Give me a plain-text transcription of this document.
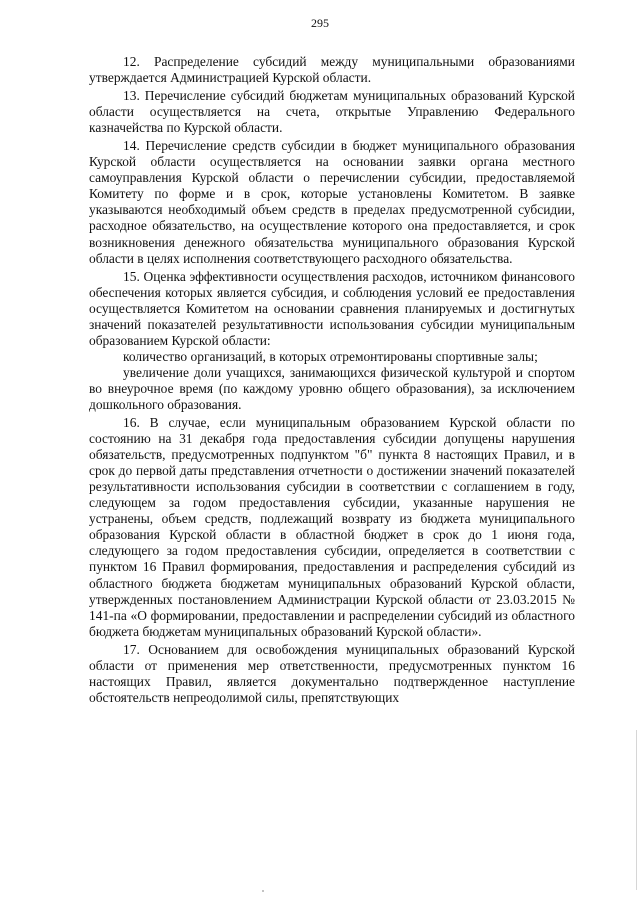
295

12. Распределение субсидий между муниципальными образованиями утверждается Администрацией Курской области.

13. Перечисление субсидий бюджетам муниципальных образований Курской области осуществляется на счета, открытые Управлению Федерального казначейства по Курской области.

14. Перечисление средств субсидии в бюджет муниципального образования Курской области осуществляется на основании заявки органа местного самоуправления Курской области о перечислении субсидии, предоставляемой Комитету по форме и в срок, которые установлены Комитетом. В заявке указываются необходимый объем средств в пределах предусмотренной субсидии, расходное обязательство, на осуществление которого она предоставляется, и срок возникновения денежного обязательства муниципального образования Курской области в целях исполнения соответствующего расходного обязательства.

15. Оценка эффективности осуществления расходов, источником финансового обеспечения которых является субсидия, и соблюдения условий ее предоставления осуществляется Комитетом на основании сравнения планируемых и достигнутых значений показателей результативности использования субсидии муниципальным образованием Курской области:

количество организаций, в которых отремонтированы спортивные залы;

увеличение доли учащихся, занимающихся физической культурой и спортом во внеурочное время (по каждому уровню общего образования), за исключением дошкольного образования.

16. В случае, если муниципальным образованием Курской области по состоянию на 31 декабря года предоставления субсидии допущены нарушения обязательств, предусмотренных подпунктом "б" пункта 8 настоящих Правил, и в срок до первой даты представления отчетности о достижении значений показателей результативности использования субсидии в соответствии с соглашением в году, следующем за годом предоставления субсидии, указанные нарушения не устранены, объем средств, подлежащий возврату из бюджета муниципального образования Курской области в областной бюджет в срок до 1 июня года, следующего за годом предоставления субсидии, определяется в соответствии с пунктом 16 Правил формирования, предоставления и распределения субсидий из областного бюджета бюджетам муниципальных образований Курской области, утвержденных постановлением Администрации Курской области от 23.03.2015 № 141-па «О формировании, предоставлении и распределении субсидий из областного бюджета бюджетам муниципальных образований Курской области».

17. Основанием для освобождения муниципальных образований Курской области от применения мер ответственности, предусмотренных пунктом 16 настоящих Правил, является документально подтвержденное наступление обстоятельств непреодолимой силы, препятствующих
